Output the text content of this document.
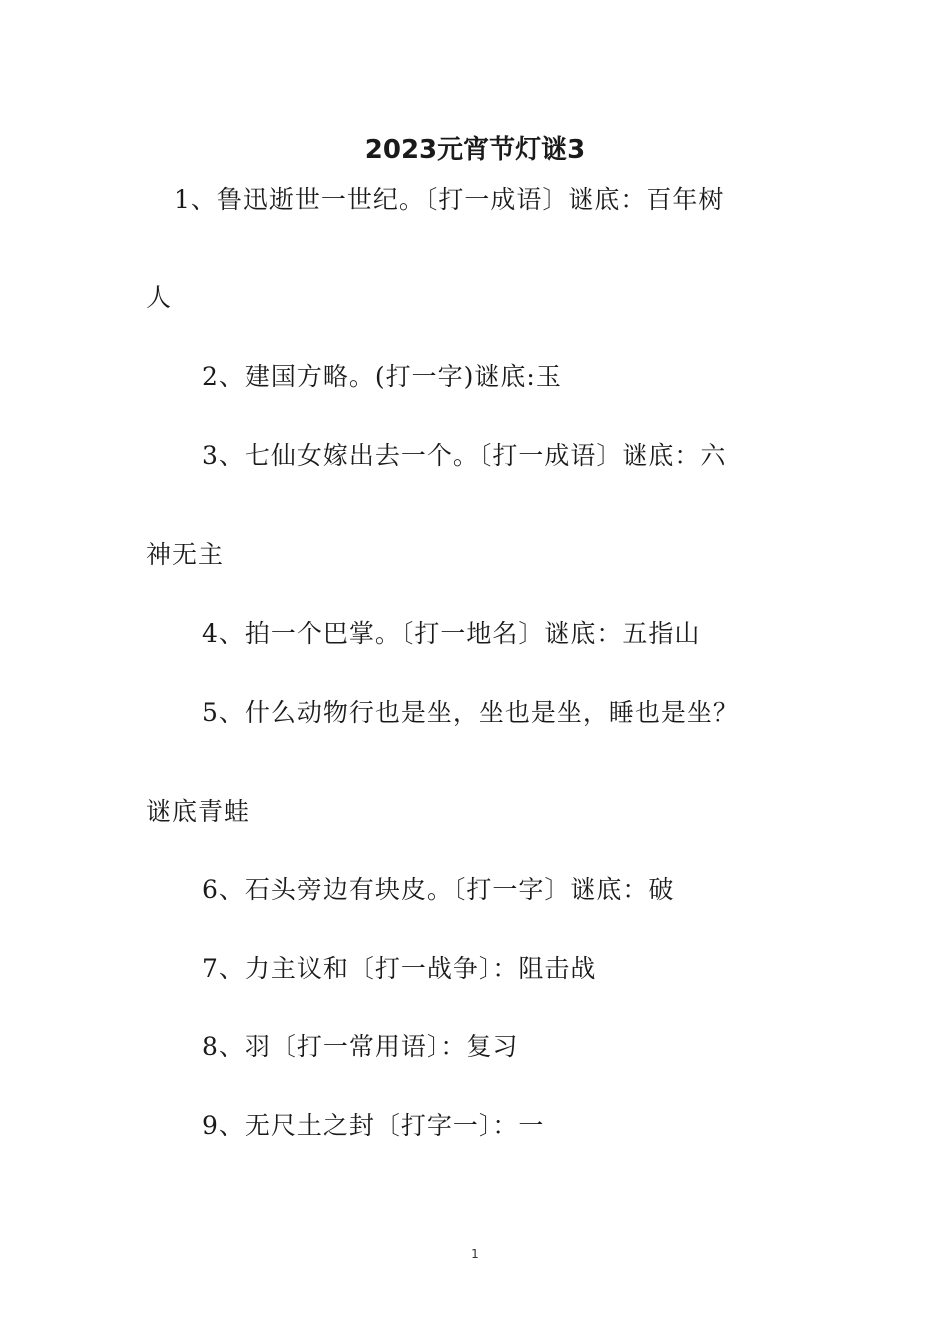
2023元宵节灯谜3

1、鲁迅逝世一世纪。〔打一成语〕谜底：百年树

人

2、建国方略。(打一字)谜底:玉

3、七仙女嫁出去一个。〔打一成语〕谜底：六

神无主

4、拍一个巴掌。〔打一地名〕谜底：五指山

5、什么动物行也是坐，坐也是坐，睡也是坐？

谜底青蛙

6、石头旁边有块皮。〔打一字〕谜底：破

7、力主议和〔打一战争〕：阻击战

8、羽〔打一常用语〕：复习

9、无尺土之封〔打字一〕：一

1
